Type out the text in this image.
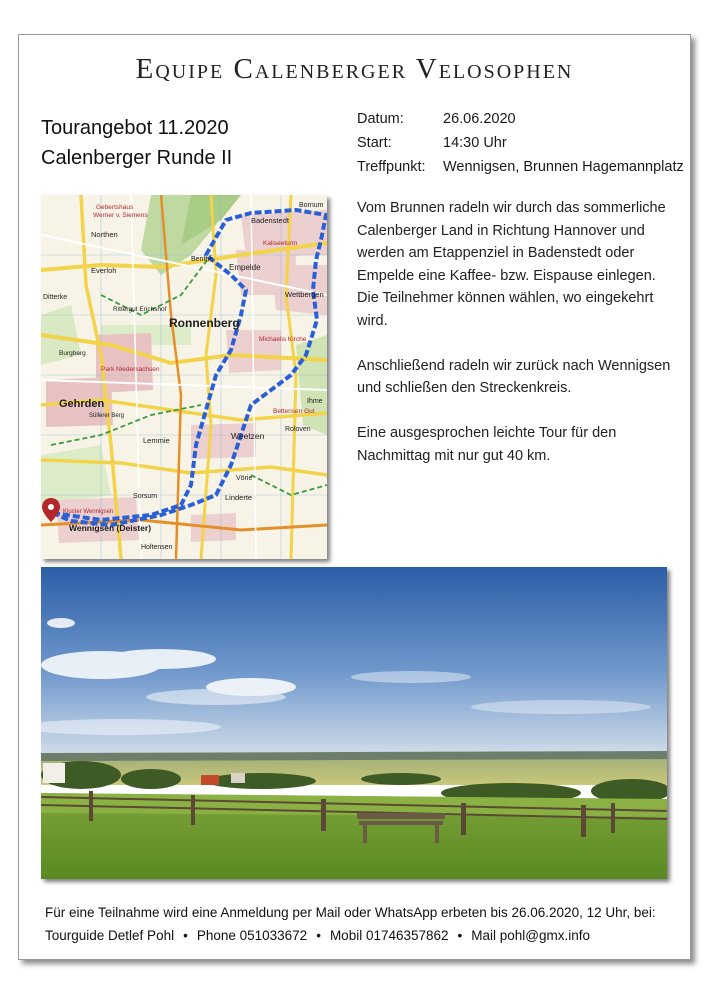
Equipe Calenberger Velosophen
Tourangebot 11.2020
Calenberger Runde II
Datum:	26.06.2020
Start:	14:30 Uhr
Treffpunkt: Wennigsen, Brunnen Hagemannplatz
Gebertshaus
Werner v. Siemens
Northen
Badenstedt
Bornum
Kaliseeturm
Everloh
Benthe
Empelde
Wettbergen
Ditterke
Rittergut Erichshof
Ronnenberg
Michaelis Kirche
Burgberg
Park Niedersachsen
Gehrden
Süllerer Berg
Ihme
Bettensen Gut
Lemmie	Weetzen
Roloven
Vörie
Linderte
Sorsum
Wennigsen (Deister)
Kloster Wennigsen
Holtensen

Vom Brunnen radeln wir durch das sommerliche Calenberger Land in Richtung Hannover und werden am Etappenziel in Badenstedt oder Empelde eine Kaffee- bzw. Eispause einlegen. Die Teilnehmer können wählen, wo eingekehrt wird.

Anschließend radeln wir zurück nach Wennigsen und schließen den Streckenkreis.

Eine ausgesprochen leichte Tour für den Nachmittag mit nur gut 40 km.

Für eine Teilnahme wird eine Anmeldung per Mail oder WhatsApp erbeten bis 26.06.2020, 12 Uhr, bei:
Tourguide Detlef Pohl • Phone 051033672 • Mobil 01746357862 • Mail pohl@gmx.info
